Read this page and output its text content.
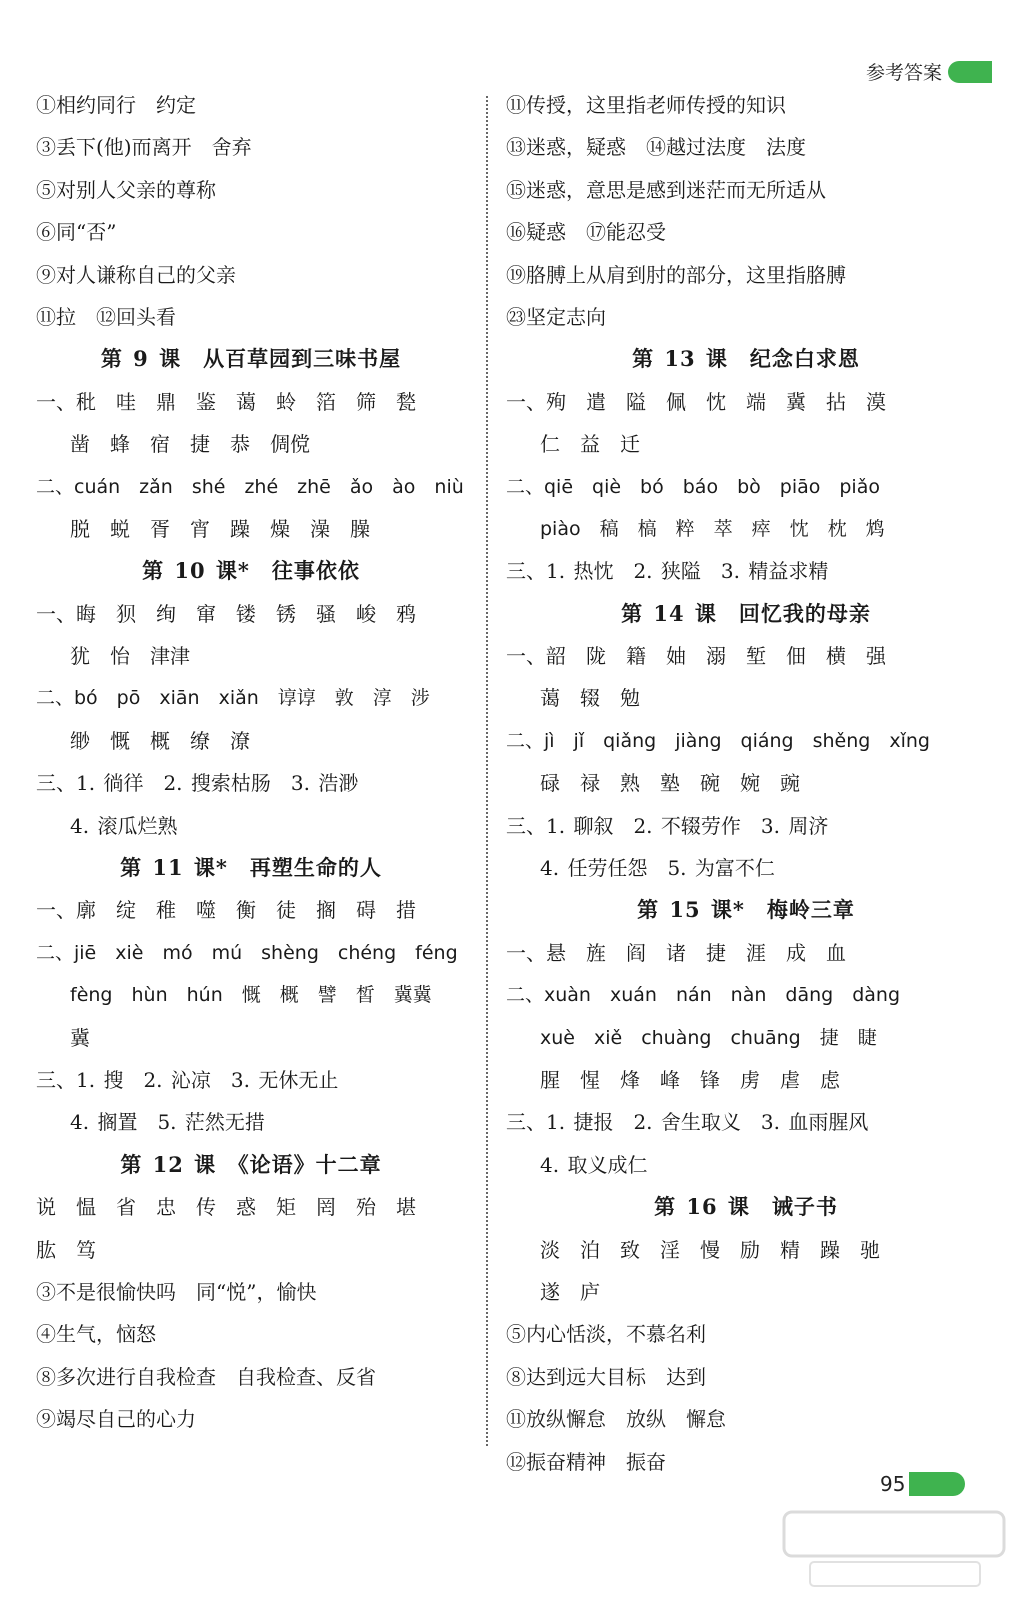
参考答案
①相约同行　约定
③丢下(他)而离开　舍弃
⑤对别人父亲的尊称
⑥同“否”
⑨对人谦称自己的父亲
⑪拉　⑫回头看
第 9 课　从百草园到三味书屋
一、秕　哇　鼎　鉴　蔼　蛉　箔　筛　甃
凿　蜂　宿　捷　恭　倜傥
二、cuán　zǎn　shé　zhé　zhē　ǎo　ào　niù
脱　蜕　胥　宵　躁　燥　澡　臊
第 10 课*　往事依依
一、晦　狈　绚　窜　镂　锈　骚　峻　鸦
犹　怡　津津
二、bó　pō　xiān　xiǎn　谆谆　敦　淳　涉
缈　慨　概　缭　潦
三、1. 徜徉　2. 搜索枯肠　3. 浩渺
4. 滚瓜烂熟
第 11 课*　再塑生命的人
一、廓　绽　稚　噬　衡　徒　搁　碍　措
二、jiē　xiè　mó　mú　shèng　chéng　féng
fèng　hùn　hún　慨　概　譬　皙　冀冀
冀
三、1. 搜　2. 沁凉　3. 无休无止
4. 搁置　5. 茫然无措
第 12 课　《论语》十二章
说　愠　省　忠　传　惑　矩　罔　殆　堪
肱　笃
③不是很愉快吗　同“悦”，愉快
④生气，恼怒
⑧多次进行自我检查　自我检查、反省
⑨竭尽自己的心力
⑪传授，这里指老师传授的知识
⑬迷惑，疑惑　⑭越过法度　法度
⑮迷惑，意思是感到迷茫而无所适从
⑯疑惑　⑰能忍受
⑲胳膊上从肩到肘的部分，这里指胳膊
㉓坚定志向
第 13 课　纪念白求恩
一、殉　遣　隘　佩　忱　端　冀　拈　漠
仁　益　迁
二、qiē　qiè　bó　báo　bò　piāo　piǎo
piào　稿　槁　粹　萃　瘁　忱　枕　鸩
三、1. 热忱　2. 狭隘　3. 精益求精
第 14 课　回忆我的母亲
一、韶　陇　籍　妯　溺　堑　佃　横　强
蔼　辍　勉
二、jì　jǐ　qiǎng　jiàng　qiáng　shěng　xǐng
碌　禄　熟　塾　碗　婉　豌
三、1. 聊叙　2. 不辍劳作　3. 周济
4. 任劳任怨　5. 为富不仁
第 15 课*　梅岭三章
一、悬　旌　阎　诸　捷　涯　成　血
二、xuàn　xuán　nán　nàn　dāng　dàng
xuè　xiě　chuàng　chuāng　捷　睫
腥　惺　烽　峰　锋　虏　虐　虑
三、1. 捷报　2. 舍生取义　3. 血雨腥风
4. 取义成仁
第 16 课　诫子书
淡　泊　致　淫　慢　励　精　躁　驰
遂　庐
⑤内心恬淡，不慕名利
⑧达到远大目标　达到
⑪放纵懈怠　放纵　懈怠
⑫振奋精神　振奋
95
